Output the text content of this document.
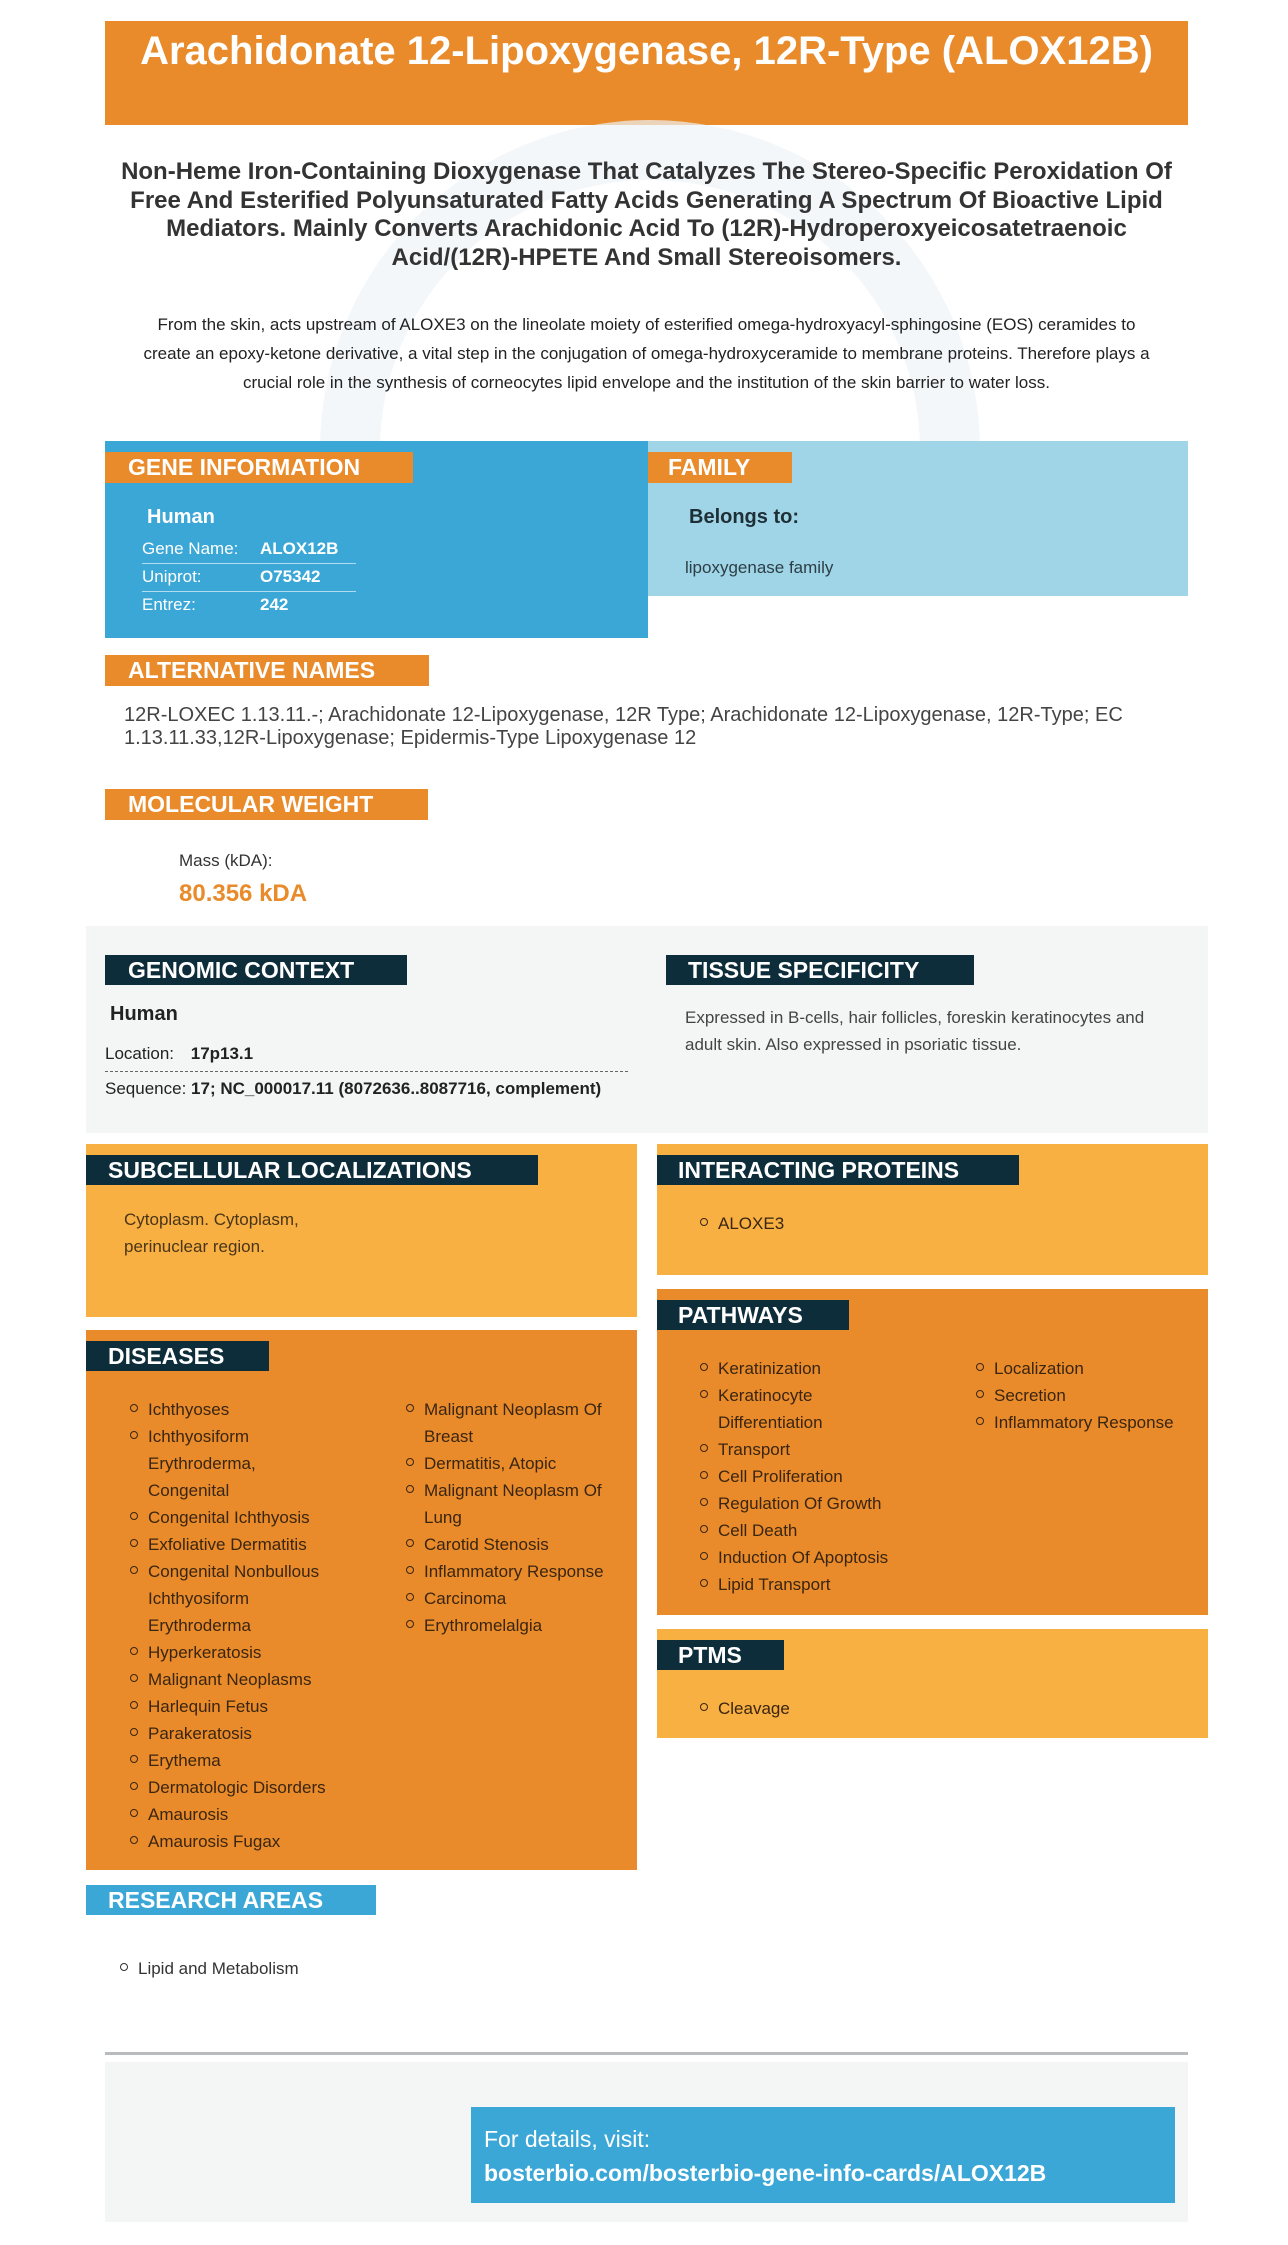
Arachidonate 12-Lipoxygenase, 12R-Type (ALOX12B)
Non-Heme Iron-Containing Dioxygenase That Catalyzes The Stereo-Specific Peroxidation Of Free And Esterified Polyunsaturated Fatty Acids Generating A Spectrum Of Bioactive Lipid Mediators. Mainly Converts Arachidonic Acid To (12R)-Hydroperoxyeicosatetraenoic Acid/(12R)-HPETE And Small Stereoisomers.
From the skin, acts upstream of ALOXE3 on the lineolate moiety of esterified omega-hydroxyacyl-sphingosine (EOS) ceramides to create an epoxy-ketone derivative, a vital step in the conjugation of omega-hydroxyceramide to membrane proteins. Therefore plays a crucial role in the synthesis of corneocytes lipid envelope and the institution of the skin barrier to water loss.
GENE INFORMATION
Human
Gene Name: ALOX12B
Uniprot:	O75342
Entrez:	242
FAMILY
Belongs to:
lipoxygenase family
ALTERNATIVE NAMES
12R-LOXEC 1.13.11.-; Arachidonate 12-Lipoxygenase, 12R Type; Arachidonate 12-Lipoxygenase, 12R-Type; EC 1.13.11.33,12R-Lipoxygenase; Epidermis-Type Lipoxygenase 12
MOLECULAR WEIGHT
Mass (kDA):
80.356 kDA
GENOMIC CONTEXT
Human
Location: 17p13.1
Sequence: 17; NC_000017.11 (8072636..8087716, complement)
TISSUE SPECIFICITY
Expressed in B-cells, hair follicles, foreskin keratinocytes and adult skin. Also expressed in psoriatic tissue.
SUBCELLULAR LOCALIZATIONS
Cytoplasm. Cytoplasm, perinuclear region.
INTERACTING PROTEINS
ALOXE3
PATHWAYS
Keratinization
Keratinocyte Differentiation
Transport
Cell Proliferation
Regulation Of Growth
Cell Death
Induction Of Apoptosis
Lipid Transport
Localization
Secretion
Inflammatory Response
PTMS
Cleavage
DISEASES
Ichthyoses
Ichthyosiform Erythroderma, Congenital
Congenital Ichthyosis
Exfoliative Dermatitis
Congenital Nonbullous Ichthyosiform Erythroderma
Hyperkeratosis
Malignant Neoplasms
Harlequin Fetus
Parakeratosis
Erythema
Dermatologic Disorders
Amaurosis
Amaurosis Fugax
Malignant Neoplasm Of Breast
Dermatitis, Atopic
Malignant Neoplasm Of Lung
Carotid Stenosis
Inflammatory Response
Carcinoma
Erythromelalgia
RESEARCH AREAS
Lipid and Metabolism
For details, visit:
bosterbio.com/bosterbio-gene-info-cards/ALOX12B
